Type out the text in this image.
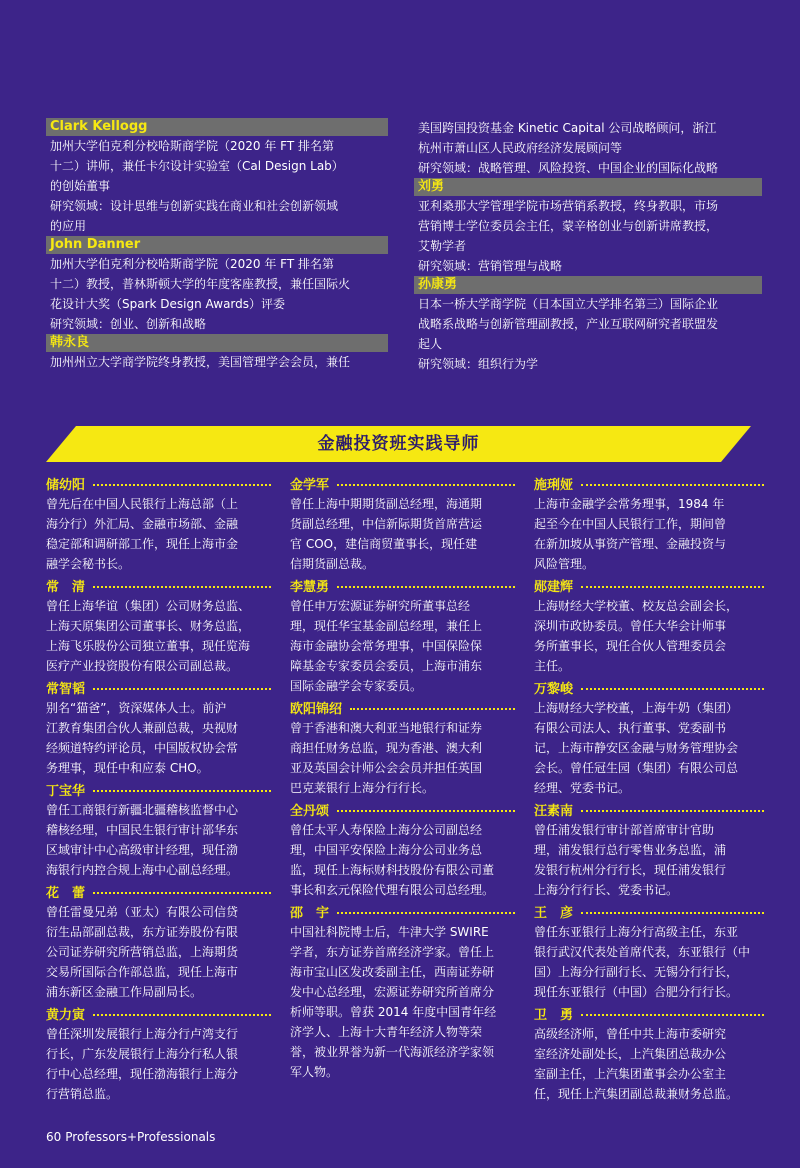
Clark Kellogg

加州大学伯克利分校哈斯商学院（2020 年 FT 排名第

十二）讲师，兼任卡尔设计实验室（Cal Design Lab）

的创始董事

研究领域：设计思维与创新实践在商业和社会创新领域

的应用

John Danner

加州大学伯克利分校哈斯商学院（2020 年 FT 排名第

十二）教授，普林斯顿大学的年度客座教授，兼任国际火

花设计大奖（Spark Design Awards）评委

研究领域：创业、创新和战略

韩永良

加州州立大学商学院终身教授，美国管理学会会员，兼任

美国跨国投资基金 Kinetic Capital 公司战略顾问，浙江

杭州市萧山区人民政府经济发展顾问等

研究领域：战略管理、风险投资、中国企业的国际化战略

刘勇

亚利桑那大学管理学院市场营销系教授，终身教职，市场

营销博士学位委员会主任，蒙辛格创业与创新讲席教授，

艾勒学者

研究领域：营销管理与战略

孙康勇

日本一桥大学商学院（日本国立大学排名第三）国际企业

战略系战略与创新管理副教授，产业互联网研究者联盟发

起人

研究领域：组织行为学

金融投资班实践导师
储幼阳

曾先后在中国人民银行上海总部（上

海分行）外汇局、金融市场部、金融

稳定部和调研部工作，现任上海市金

融学会秘书长。

常　清

曾任上海华谊（集团）公司财务总监、

上海天原集团公司董事长、财务总监，

上海飞乐股份公司独立董事，现任览海

医疗产业投资股份有限公司副总裁。

常智韬

别名“猫爸”，资深媒体人士。前沪

江教育集团合伙人兼副总裁，央视财

经频道特约评论员，中国版权协会常

务理事，现任中和应泰 CHO。

丁宝华

曾任工商银行新疆北疆稽核监督中心

稽核经理，中国民生银行审计部华东

区域审计中心高级审计经理，现任渤

海银行内控合规上海中心副总经理。

花　蕾

曾任雷曼兄弟（亚太）有限公司信贷

衍生品部副总裁，东方证券股份有限

公司证券研究所营销总监，上海期货

交易所国际合作部总监，现任上海市

浦东新区金融工作局副局长。

黄力寅

曾任深圳发展银行上海分行卢湾支行

行长，广东发展银行上海分行私人银

行中心总经理，现任渤海银行上海分

行营销总监。

金学军

曾任上海中期期货副总经理，海通期

货副总经理，中信新际期货首席营运

官 COO，建信商贸董事长，现任建

信期货副总裁。

李慧勇

曾任申万宏源证券研究所董事总经

理，现任华宝基金副总经理，兼任上

海市金融协会常务理事，中国保险保

障基金专家委员会委员，上海市浦东

国际金融学会专家委员。

欧阳锦绍

曾于香港和澳大利亚当地银行和证券

商担任财务总监，现为香港、澳大利

亚及英国会计师公会会员并担任英国

巴克莱银行上海分行行长。

全丹颂

曾任太平人寿保险上海分公司副总经

理，中国平安保险上海分公司业务总

监，现任上海标财科技股份有限公司董

事长和玄元保险代理有限公司总经理。

邵　宇

中国社科院博士后，牛津大学 SWIRE

学者，东方证券首席经济学家。曾任上

海市宝山区发改委副主任，西南证券研

发中心总经理，宏源证券研究所首席分

析师等职。曾获 2014 年度中国青年经

济学人、上海十大青年经济人物等荣

誉，被业界誉为新一代海派经济学家领

军人物。

施琍娅

上海市金融学会常务理事，1984 年

起至今在中国人民银行工作，期间曾

在新加坡从事资产管理、金融投资与

风险管理。

郧建辉

上海财经大学校董、校友总会副会长，

深圳市政协委员。曾任大华会计师事

务所董事长，现任合伙人管理委员会

主任。

万黎峻

上海财经大学校董，上海牛奶（集团）

有限公司法人、执行董事、党委副书

记，上海市静安区金融与财务管理协会

会长。曾任冠生园（集团）有限公司总

经理、党委书记。

汪素南

曾任浦发银行审计部首席审计官助

理，浦发银行总行零售业务总监，浦

发银行杭州分行行长，现任浦发银行

上海分行行长、党委书记。

王　彦

曾任东亚银行上海分行高级主任，东亚

银行武汉代表处首席代表，东亚银行（中

国）上海分行副行长、无锡分行行长，

现任东亚银行（中国）合肥分行行长。

卫　勇

高级经济师，曾任中共上海市委研究

室经济处副处长，上汽集团总裁办公

室副主任，上汽集团董事会办公室主

任，现任上汽集团副总裁兼财务总监。

60 Professors+Professionals
